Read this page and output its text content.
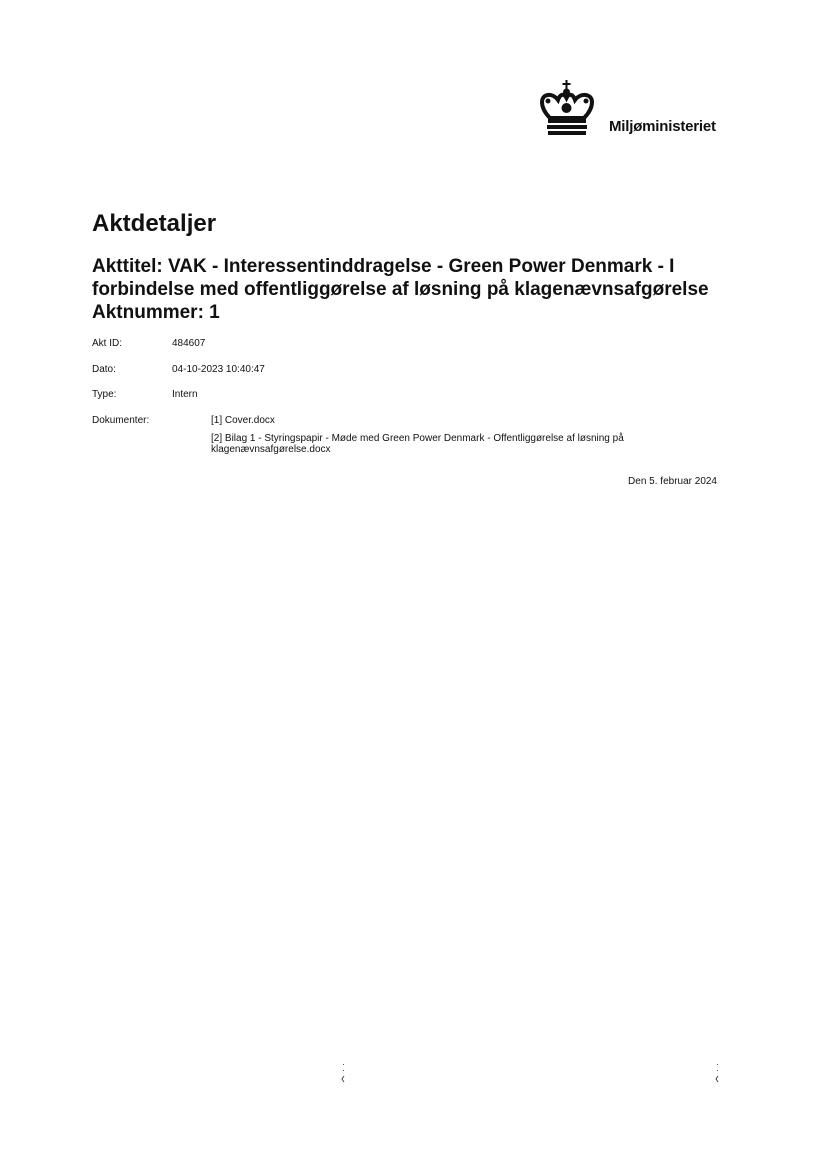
Miljøministeriet
Aktdetaljer
Akttitel: VAK - Interessentinddragelse - Green Power Denmark - I
forbindelse med offentliggørelse af løsning på klagenævnsafgørelse
Aktnummer: 1
Akt ID:	484607
Dato:	04-10-2023 10:40:47
Type:	Intern
Dokumenter:	[1] Cover.docx

[2] Bilag 1 - Styringspapir - Møde med Green Power Denmark - Offentliggørelse af løsning på klagenævnsafgørelse.docx

Den 5. februar 2024
